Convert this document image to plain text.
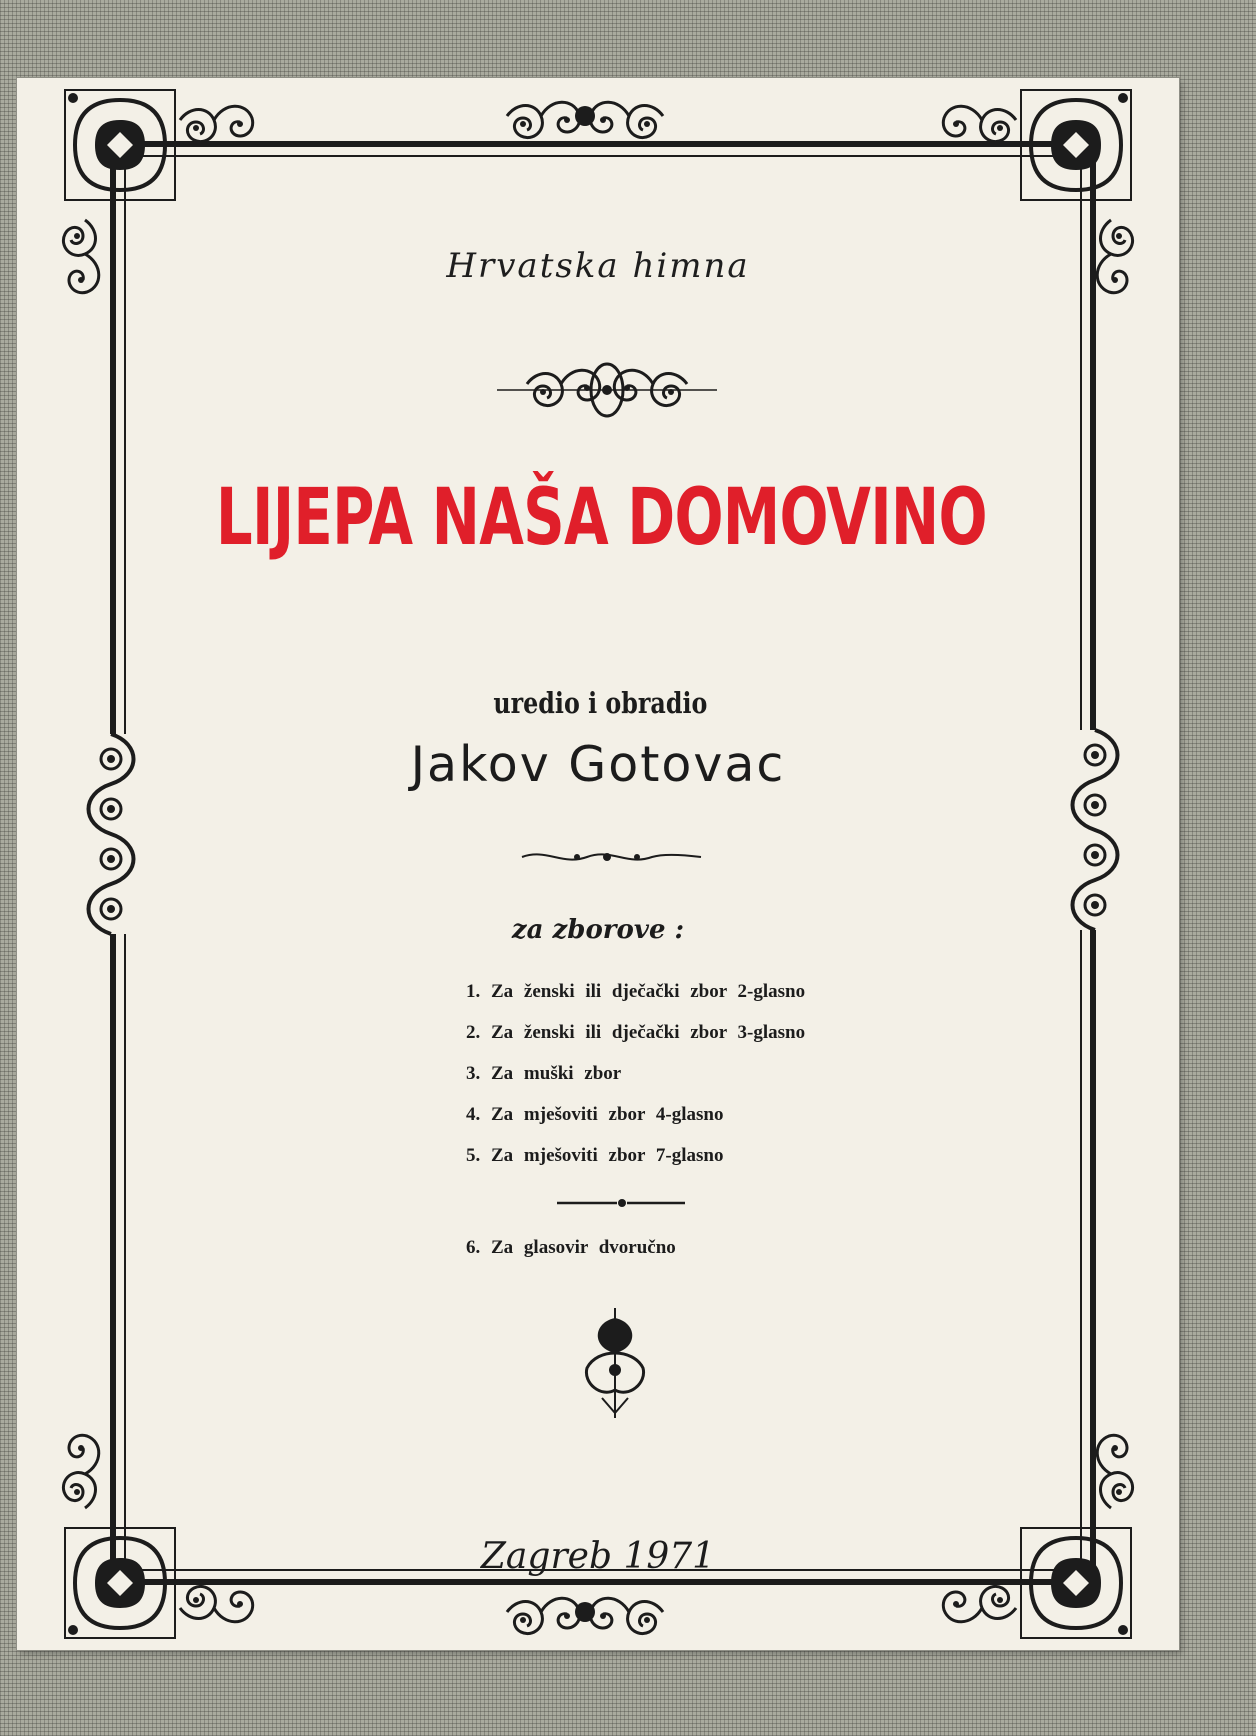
Hrvatska himna
LIJEPA NAŠA DOMOVINO
uredio i obradio
Jakov Gotovac
za zborove :
1. Za ženski ili dječački zbor 2-glasno
2. Za ženski ili dječački zbor 3-glasno
3. Za muški zbor
4. Za mješoviti zbor 4-glasno
5. Za mješoviti zbor 7-glasno
6. Za glasovir dvoručno
Zagreb 1971
